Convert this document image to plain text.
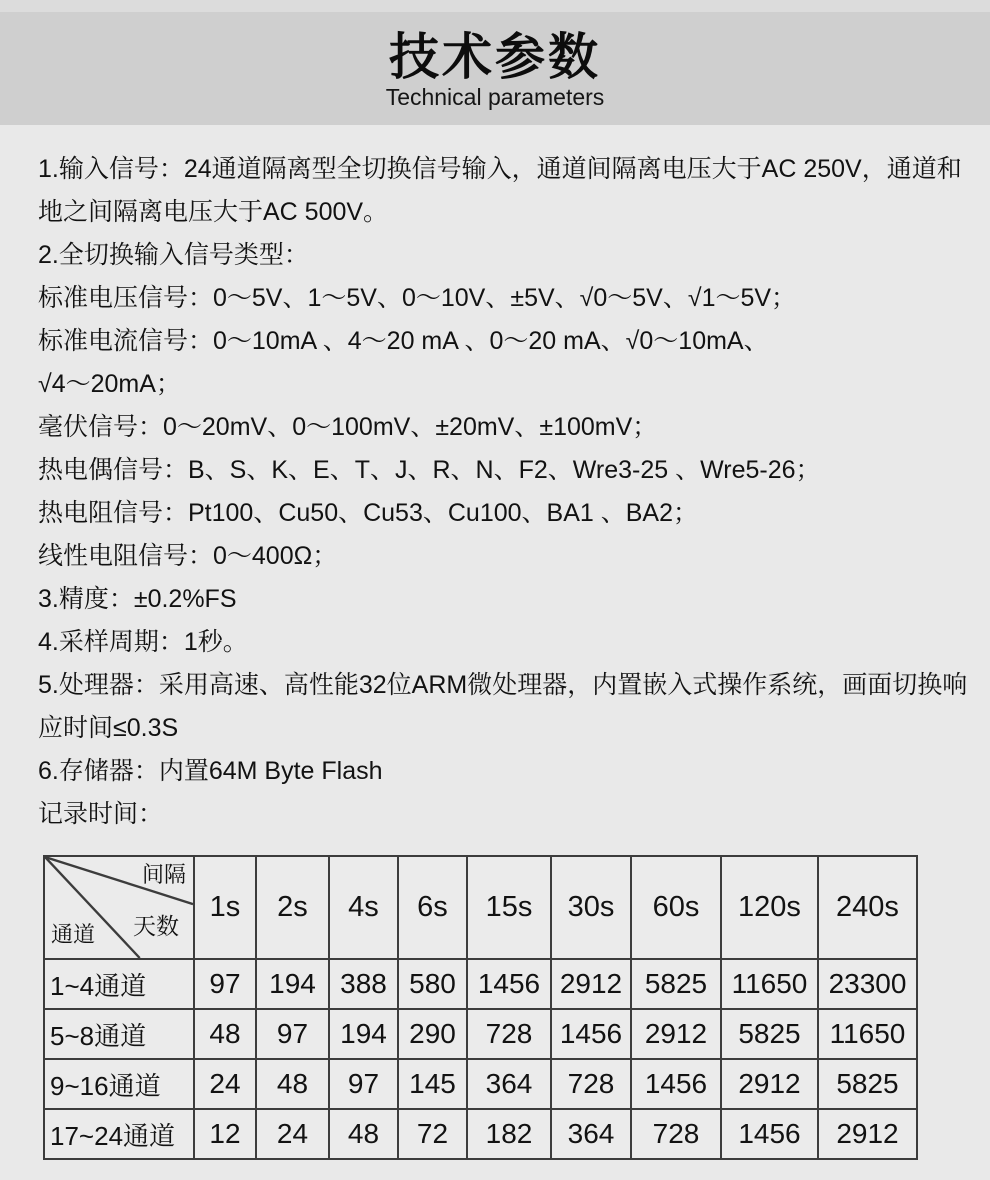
技术参数
Technical parameters
1.输入信号：24通道隔离型全切换信号输入，通道间隔离电压大于AC 250V，通道和
地之间隔离电压大于AC 500V。
2.全切换输入信号类型：
标准电压信号：0～5V、1～5V、0～10V、±5V、√0～5V、√1～5V；
标准电流信号：0～10mA 、4～20 mA 、0～20 mA、√0～10mA、
√4～20mA；
毫伏信号：0～20mV、0～100mV、±20mV、±100mV；
热电偶信号：B、S、K、E、T、J、R、N、F2、Wre3-25 、Wre5-26；
热电阻信号：Pt100、Cu50、Cu53、Cu100、BA1 、BA2；
线性电阻信号：0～400Ω；
3.精度：±0.2%FS
4.采样周期：1秒。
5.处理器：采用高速、高性能32位ARM微处理器，内置嵌入式操作系统，画面切换响
应时间≤0.3S
6.存储器：内置64M Byte Flash
记录时间：
间隔
天数
通道	1s	2s	4s	6s	15s	30s	60s	120s	240s
1~4通道	97	194	388	580	1456	2912	5825	11650	23300
5~8通道	48	97	194	290	728	1456	2912	5825	11650
9~16通道	24	48	97	145	364	728	1456	2912	5825
17~24通道	12	24	48	72	182	364	728	1456	2912
